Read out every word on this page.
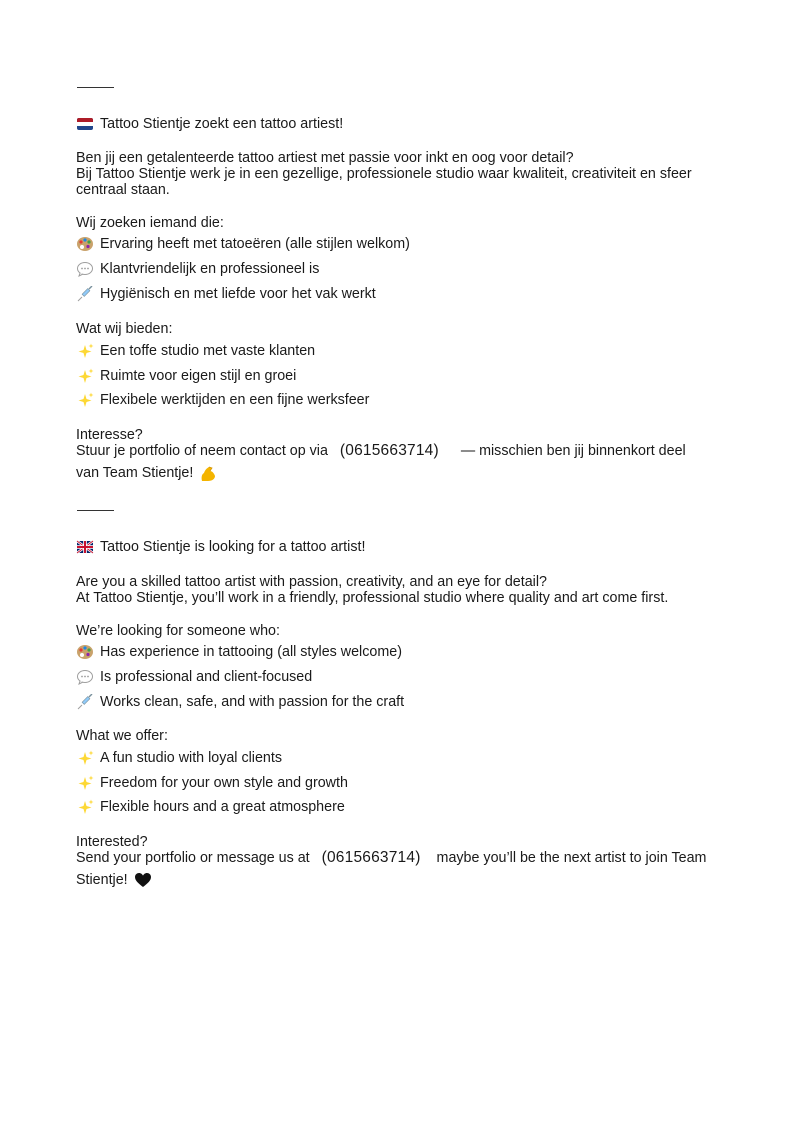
Tattoo Stientje zoekt een tattoo artiest!
Ben jij een getalenteerde tattoo artiest met passie voor inkt en oog voor detail?
Bij Tattoo Stientje werk je in een gezellige, professionele studio waar kwaliteit, creativiteit en sfeer
centraal staan.
Wij zoeken iemand die:
Ervaring heeft met tatoeëren (alle stijlen welkom)
Klantvriendelijk en professioneel is
Hygiënisch en met liefde voor het vak werkt
Wat wij bieden:
Een toffe studio met vaste klanten
Ruimte voor eigen stijl en groei
Flexibele werktijden en een fijne werksfeer
Interesse?
Stuur je portfolio of neem contact op via (0615663714) — misschien ben jij binnenkort deel
van Team Stientje!
Tattoo Stientje is looking for a tattoo artist!
Are you a skilled tattoo artist with passion, creativity, and an eye for detail?
At Tattoo Stientje, you’ll work in a friendly, professional studio where quality and art come first.
We’re looking for someone who:
Has experience in tattooing (all styles welcome)
Is professional and client-focused
Works clean, safe, and with passion for the craft
What we offer:
A fun studio with loyal clients
Freedom for your own style and growth
Flexible hours and a great atmosphere
Interested?
Send your portfolio or message us at (0615663714) maybe you’ll be the next artist to join Team
Stientje!
